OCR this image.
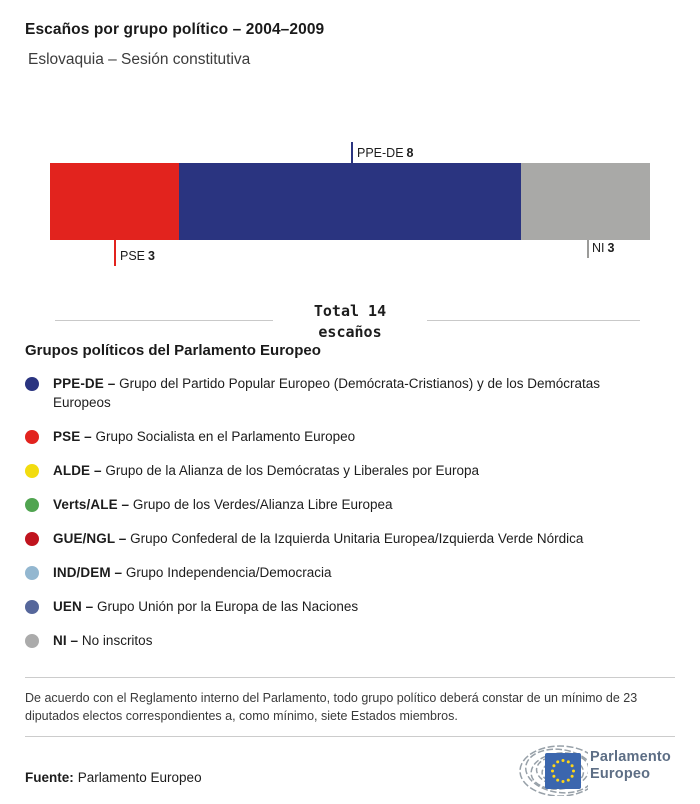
Escaños por grupo político – 2004–2009
Eslovaquia – Sesión constitutiva
PPE-DE 8
PSE 3
NI 3
Total 14
escaños
Grupos políticos del Parlamento Europeo
PPE-DE – Grupo del Partido Popular Europeo (Demócrata-Cristianos) y de los Demócratas Europeos
PSE – Grupo Socialista en el Parlamento Europeo
ALDE – Grupo de la Alianza de los Demócratas y Liberales por Europa
Verts/ALE – Grupo de los Verdes/Alianza Libre Europea
GUE/NGL – Grupo Confederal de la Izquierda Unitaria Europea/Izquierda Verde Nórdica
IND/DEM – Grupo Independencia/Democracia
UEN – Grupo Unión por la Europa de las Naciones
NI – No inscritos
De acuerdo con el Reglamento interno del Parlamento, todo grupo político deberá constar de un mínimo de 23 diputados electos correspondientes a, como mínimo, siete Estados miembros.
Fuente: Parlamento Europeo
Parlamento
Europeo
